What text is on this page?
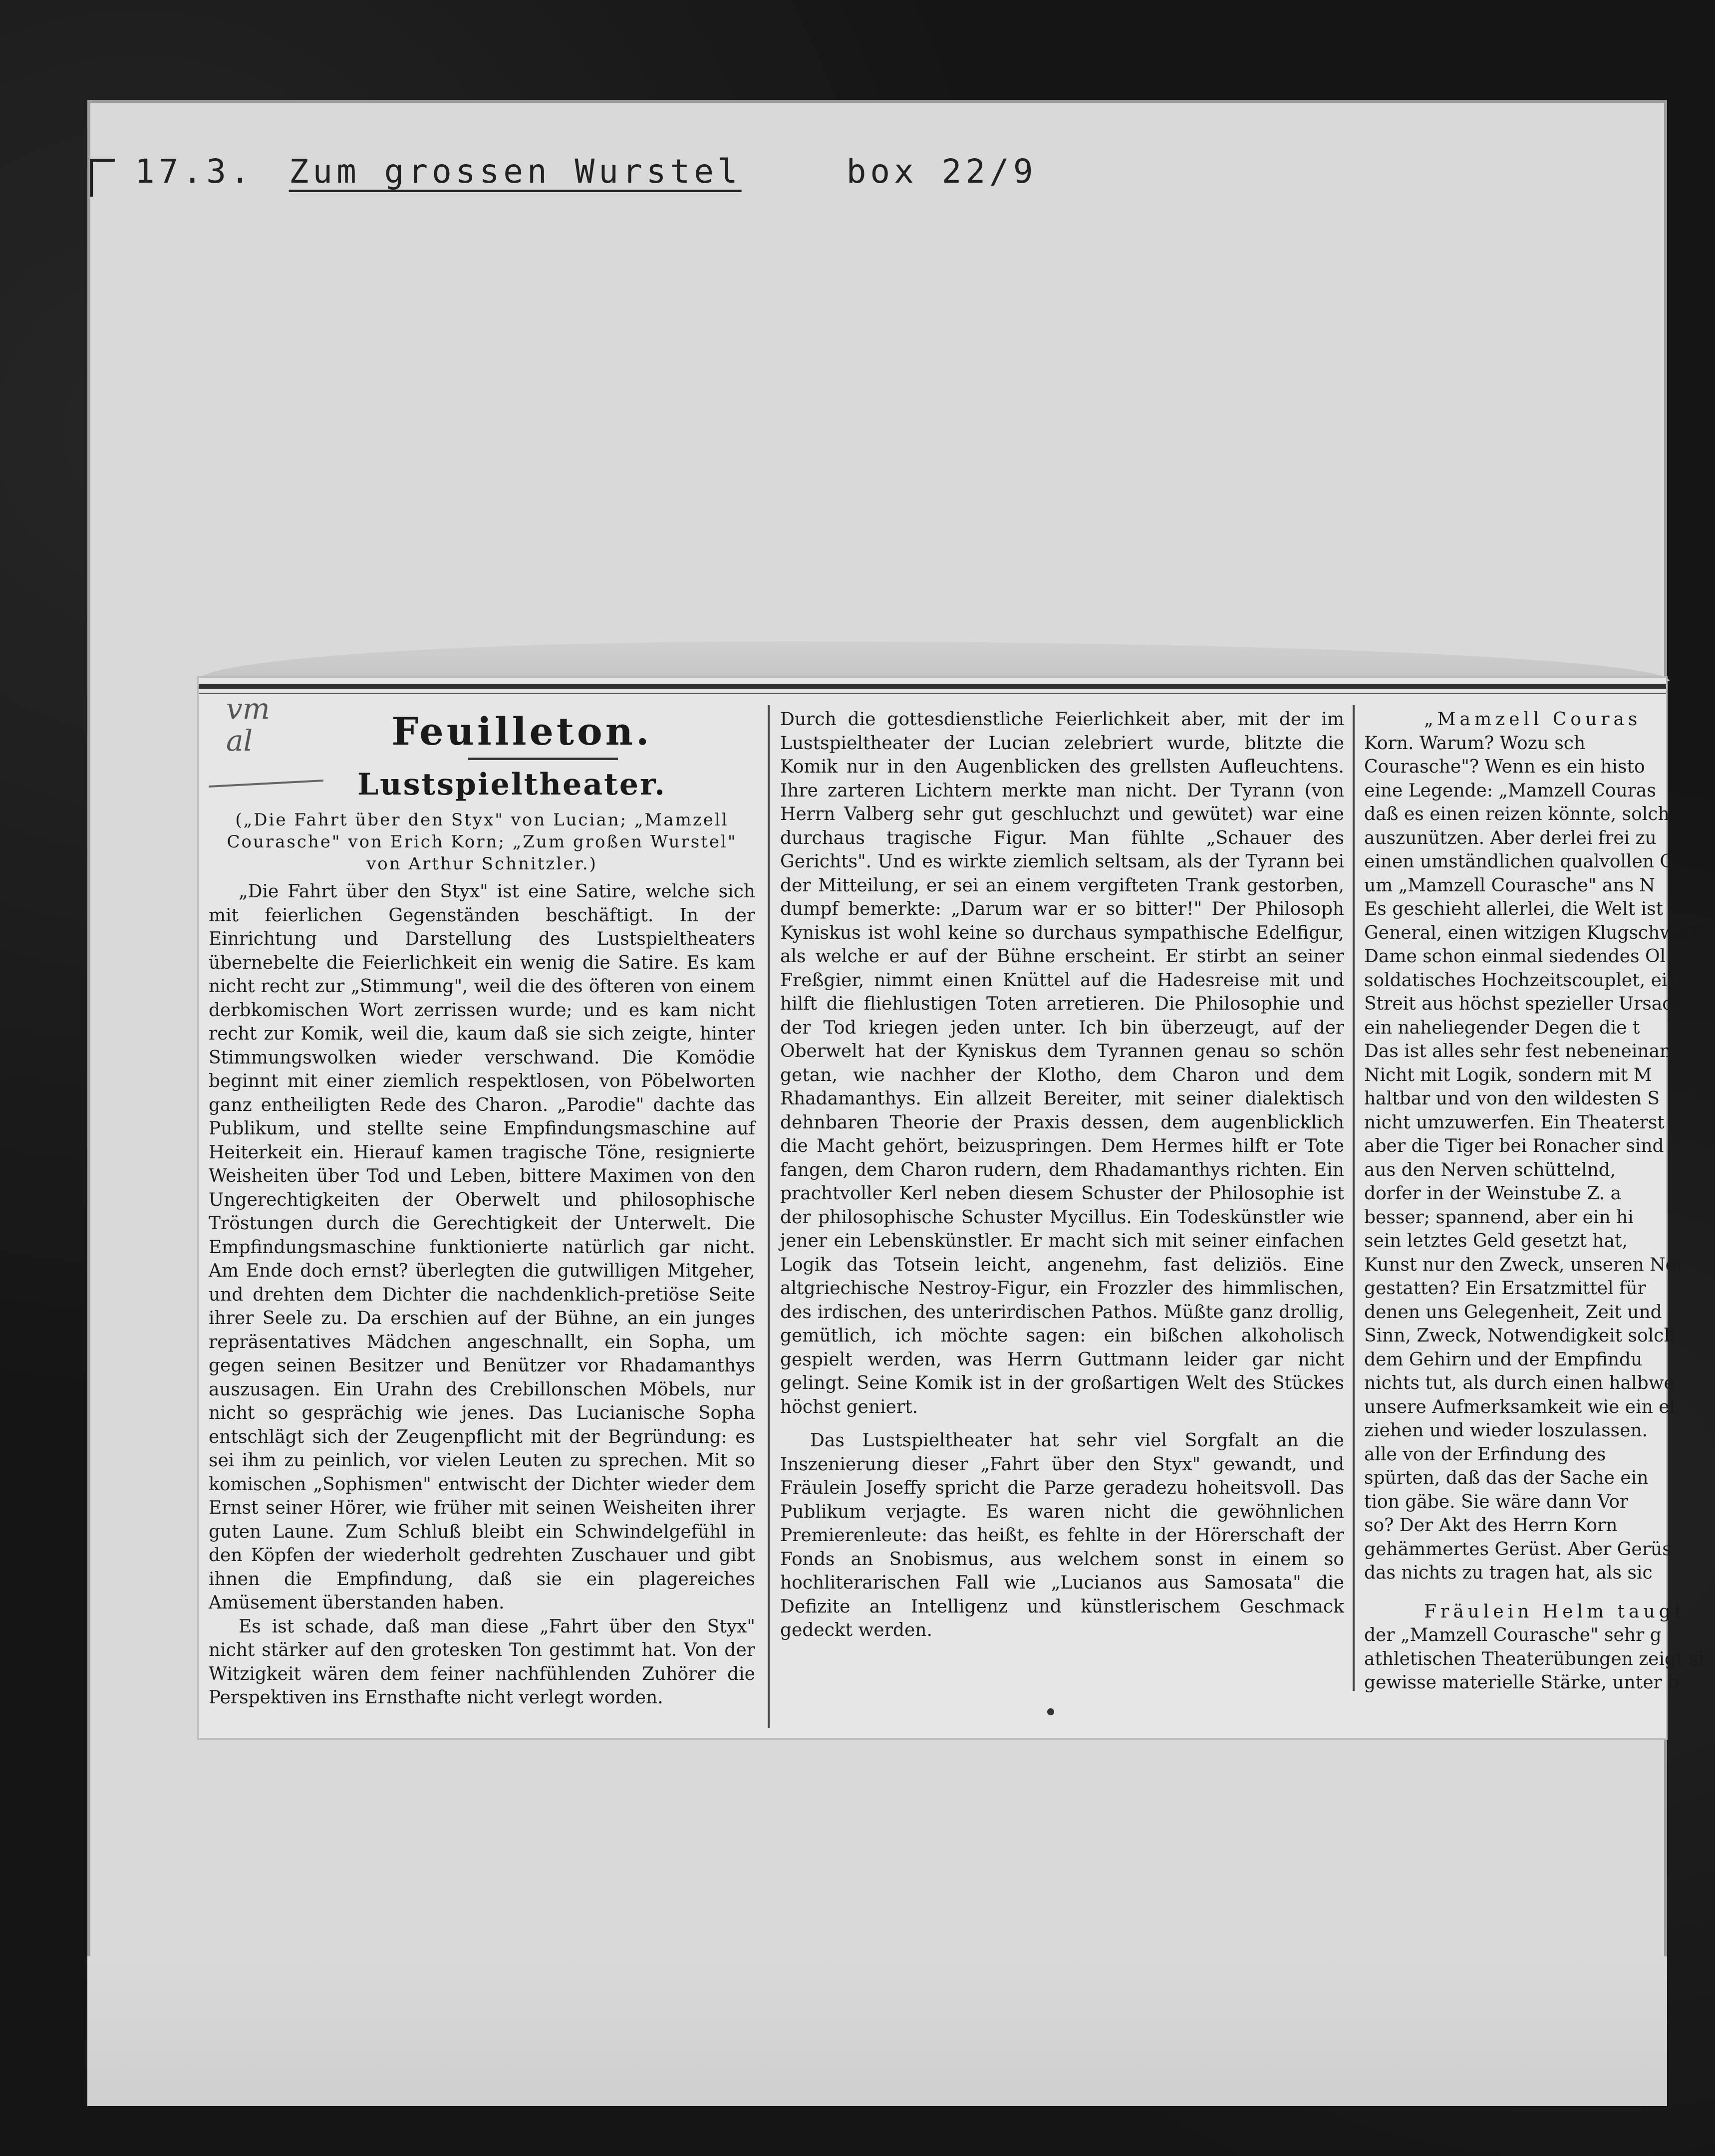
17.3. Zum grossen Wurstel	box 22/9
vm
al	Feuilleton.
Lustspieltheater.
(„Die Fahrt über den Styx" von Lucian; „Mamzell Courasche" von Erich Korn; „Zum großen Wurstel" von Arthur Schnitzler.)

„Die Fahrt über den Styx" ist eine Satire, welche sich mit feierlichen Gegenständen beschäftigt. In der Einrichtung und Darstellung des Lustspieltheaters übernebelte die Feierlichkeit ein wenig die Satire. Es kam nicht recht zur „Stimmung", weil die des öfteren von einem derbkomischen Wort zerrissen wurde; und es kam nicht recht zur Komik, weil die, kaum daß sie sich zeigte, hinter Stimmungswolken wieder verschwand. Die Komödie beginnt mit einer ziemlich respektlosen, von Pöbelworten ganz entheiligten Rede des Charon. „Parodie" dachte das Publikum, und stellte seine Empfindungsmaschine auf Heiterkeit ein. Hierauf kamen tragische Töne, resignierte Weisheiten über Tod und Leben, bittere Maximen von den Ungerechtigkeiten der Oberwelt und philosophische Tröstungen durch die Gerechtigkeit der Unterwelt. Die Empfindungsmaschine funktionierte natürlich gar nicht. Am Ende doch ernst? überlegten die gutwilligen Mitgeher, und drehten dem Dichter die nachdenklich-pretiöse Seite ihrer Seele zu. Da erschien auf der Bühne, an ein junges repräsentatives Mädchen angeschnallt, ein Sopha, um gegen seinen Besitzer und Benützer vor Rhadamanthys auszusagen. Ein Urahn des Crebillonschen Möbels, nur nicht so gesprächig wie jenes. Das Lucianische Sopha entschlägt sich der Zeugenpflicht mit der Begründung: es sei ihm zu peinlich, vor vielen Leuten zu sprechen. Mit so komischen „Sophismen" entwischt der Dichter wieder dem Ernst seiner Hörer, wie früher mit seinen Weisheiten ihrer guten Laune. Zum Schluß bleibt ein Schwindelgefühl in den Köpfen der wiederholt gedrehten Zuschauer und gibt ihnen die Empfindung, daß sie ein plagereiches Amüsement überstanden haben.

Es ist schade, daß man diese „Fahrt über den Styx" nicht stärker auf den grotesken Ton gestimmt hat. Von der Witzigkeit wären dem feiner nachfühlenden Zuhörer die Perspektiven ins Ernsthafte nicht verlegt worden.

Durch die gottesdienstliche Feierlichkeit aber, mit der im Lustspieltheater der Lucian zelebriert wurde, blitzte die Komik nur in den Augenblicken des grellsten Aufleuchtens. Ihre zarteren Lichtern merkte man nicht. Der Tyrann (von Herrn Valberg sehr gut geschluchzt und gewütet) war eine durchaus tragische Figur. Man fühlte „Schauer des Gerichts". Und es wirkte ziemlich seltsam, als der Tyrann bei der Mitteilung, er sei an einem vergifteten Trank gestorben, dumpf bemerkte: „Darum war er so bitter!" Der Philosoph Kyniskus ist wohl keine so durchaus sympathische Edelfigur, als welche er auf der Bühne erscheint. Er stirbt an seiner Freßgier, nimmt einen Knüttel auf die Hadesreise mit und hilft die fliehlustigen Toten arretieren. Die Philosophie und der Tod kriegen jeden unter. Ich bin überzeugt, auf der Oberwelt hat der Kyniskus dem Tyrannen genau so schön getan, wie nachher der Klotho, dem Charon und dem Rhadamanthys. Ein allzeit Bereiter, mit seiner dialektisch dehnbaren Theorie der Praxis dessen, dem augenblicklich die Macht gehört, beizuspringen. Dem Hermes hilft er Tote fangen, dem Charon rudern, dem Rhadamanthys richten. Ein prachtvoller Kerl neben diesem Schuster der Philosophie ist der philosophische Schuster Mycillus. Ein Todeskünstler wie jener ein Lebenskünstler. Er macht sich mit seiner einfachen Logik das Totsein leicht, angenehm, fast deliziös. Eine altgriechische Nestroy-Figur, ein Frozzler des himmlischen, des irdischen, des unterirdischen Pathos. Müßte ganz drollig, gemütlich, ich möchte sagen: ein bißchen alkoholisch gespielt werden, was Herrn Guttmann leider gar nicht gelingt. Seine Komik ist in der großartigen Welt des Stückes höchst geniert.

Das Lustspieltheater hat sehr viel Sorgfalt an die Inszenierung dieser „Fahrt über den Styx" gewandt, und Fräulein Joseffy spricht die Parze geradezu hoheitsvoll. Das Publikum verjagte. Es waren nicht die gewöhnlichen Premierenleute: das heißt, es fehlte in der Hörerschaft der Fonds an Snobismus, aus welchem sonst in einem so hochliterarischen Fall wie „Lucianos aus Samosata" die Defizite an Intelligenz und künstlerischem Geschmack gedeckt werden.

„Mamzell Couras
Korn. Warum? Wozu sch
Courasche"? Wenn es ein histo
eine Legende: „Mamzell Couras
daß es einen reizen könnte, solch
auszunützen. Aber derlei frei zu
einen umständlichen qualvollen G
um „Mamzell Courasche" ans N
Es geschieht allerlei, die Welt ist
General, einen witzigen Klugschwätz
Dame schon einmal siedendes Ol
soldatisches Hochzeitscouplet, ein
Streit aus höchst spezieller Ursac
ein naheliegender Degen die t
Das ist alles sehr fest nebeneinan
Nicht mit Logik, sondern mit M
haltbar und von den wildesten S
nicht umzuwerfen. Ein Theaterst
aber die Tiger bei Ronacher sind
aus den Nerven schüttelnd,
dorfer in der Weinstube Z. a
besser; spannend, aber ein hi
sein letztes Geld gesetzt hat,
Kunst nur den Zweck, unseren Ner
gestatten? Ein Ersatzmittel für
denen uns Gelegenheit, Zeit und
Sinn, Zweck, Notwendigkeit solch
dem Gehirn und der Empfindu
nichts tut, als durch einen halbwe
unsere Aufmerksamkeit wie ein el
ziehen und wieder loszulassen.
alle von der Erfindung des
spürten, daß das der Sache ein
tion gäbe. Sie wäre dann Vor
so? Der Akt des Herrn Korn
gehämmertes Gerüst. Aber Gerüs
das nichts zu tragen hat, als sic
Fräulein Helm taugt
der „Mamzell Courasche" sehr g
athletischen Theaterübungen zeigt si
gewisse materielle Stärke, unter b
